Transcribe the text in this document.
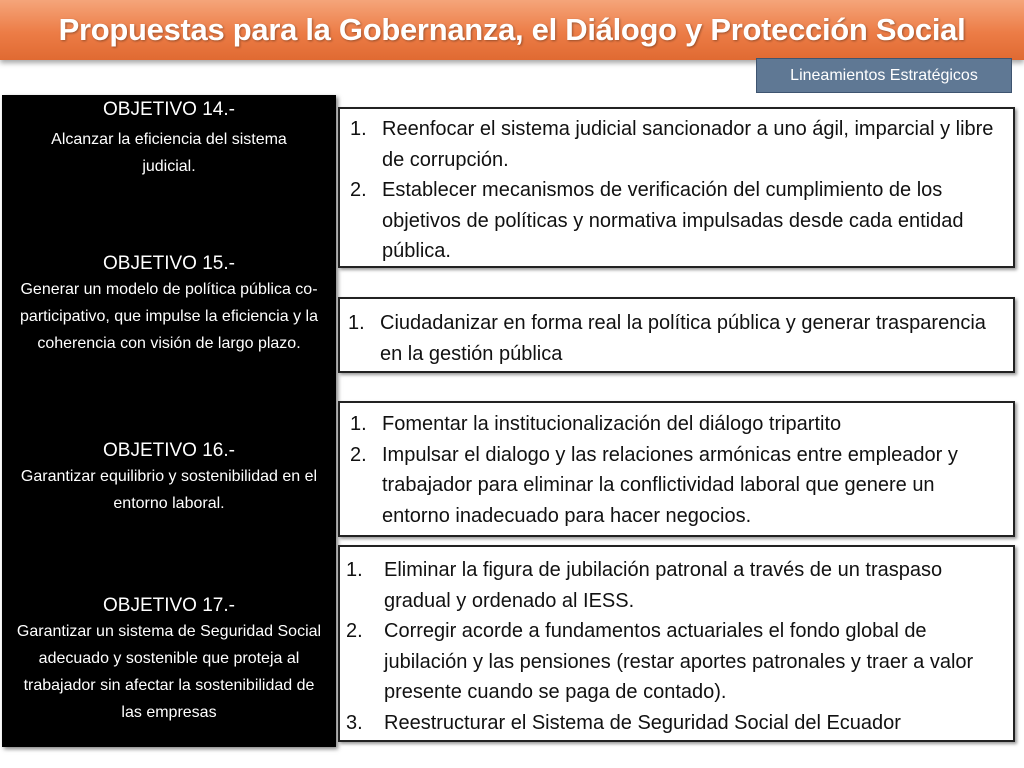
Propuestas para la Gobernanza, el Diálogo y Protección Social
Lineamientos Estratégicos
OBJETIVO 14.-
Alcanzar la eficiencia del sistema judicial.
OBJETIVO 15.-
Generar un modelo de política pública co-participativo, que impulse la eficiencia y la coherencia con visión de largo plazo.
OBJETIVO 16.-
Garantizar equilibrio y sostenibilidad en el entorno laboral.
OBJETIVO 17.-
Garantizar un sistema de Seguridad Social adecuado y sostenible que proteja al trabajador sin afectar la sostenibilidad de las empresas
1. Reenfocar el sistema judicial sancionador a uno ágil, imparcial y libre de corrupción.
2. Establecer mecanismos de verificación del cumplimiento de los objetivos de políticas y normativa impulsadas desde cada entidad pública.
1. Ciudadanizar en forma real la política pública y generar trasparencia en la gestión pública
1. Fomentar la institucionalización del diálogo tripartito
2. Impulsar el dialogo y las relaciones armónicas entre empleador y trabajador para eliminar la conflictividad laboral que genere un entorno inadecuado para hacer negocios.
1. Eliminar la figura de jubilación patronal a través de un traspaso gradual y ordenado al IESS.
2. Corregir acorde a fundamentos actuariales el fondo global de jubilación y las pensiones (restar aportes patronales y traer a valor presente cuando se paga de contado).
3. Reestructurar el Sistema de Seguridad Social del Ecuador
